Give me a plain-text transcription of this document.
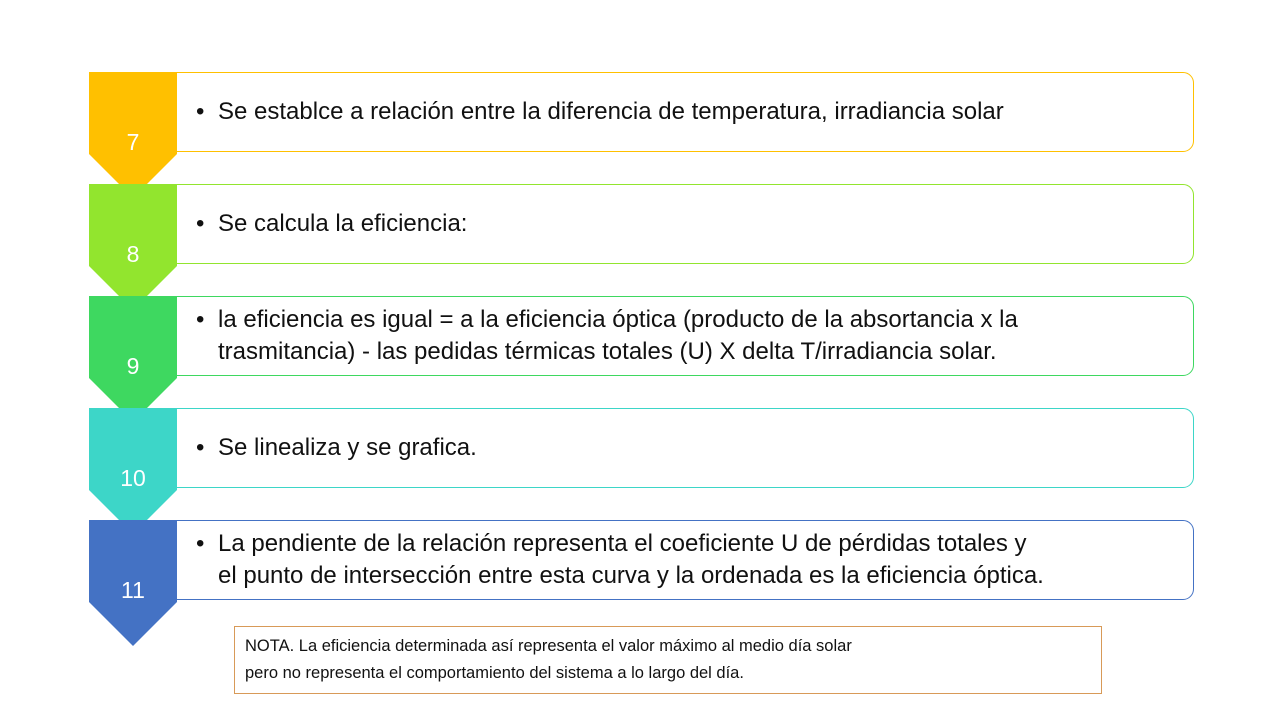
7
• Se establce a relación entre la diferencia de temperatura, irradiancia solar
8
• Se calcula la eficiencia:
9
• la eficiencia es igual = a la eficiencia óptica (producto de la absortancia x la
trasmitancia) - las pedidas térmicas totales (U) X delta T/irradiancia solar.
10
• Se linealiza y se grafica.
11
• La pendiente de la relación representa el coeficiente U de pérdidas totales y
el punto de intersección entre esta curva y la ordenada es la eficiencia óptica.

NOTA. La eficiencia determinada así representa el valor máximo al medio día solar

pero no representa el comportamiento del sistema a lo largo del día.
